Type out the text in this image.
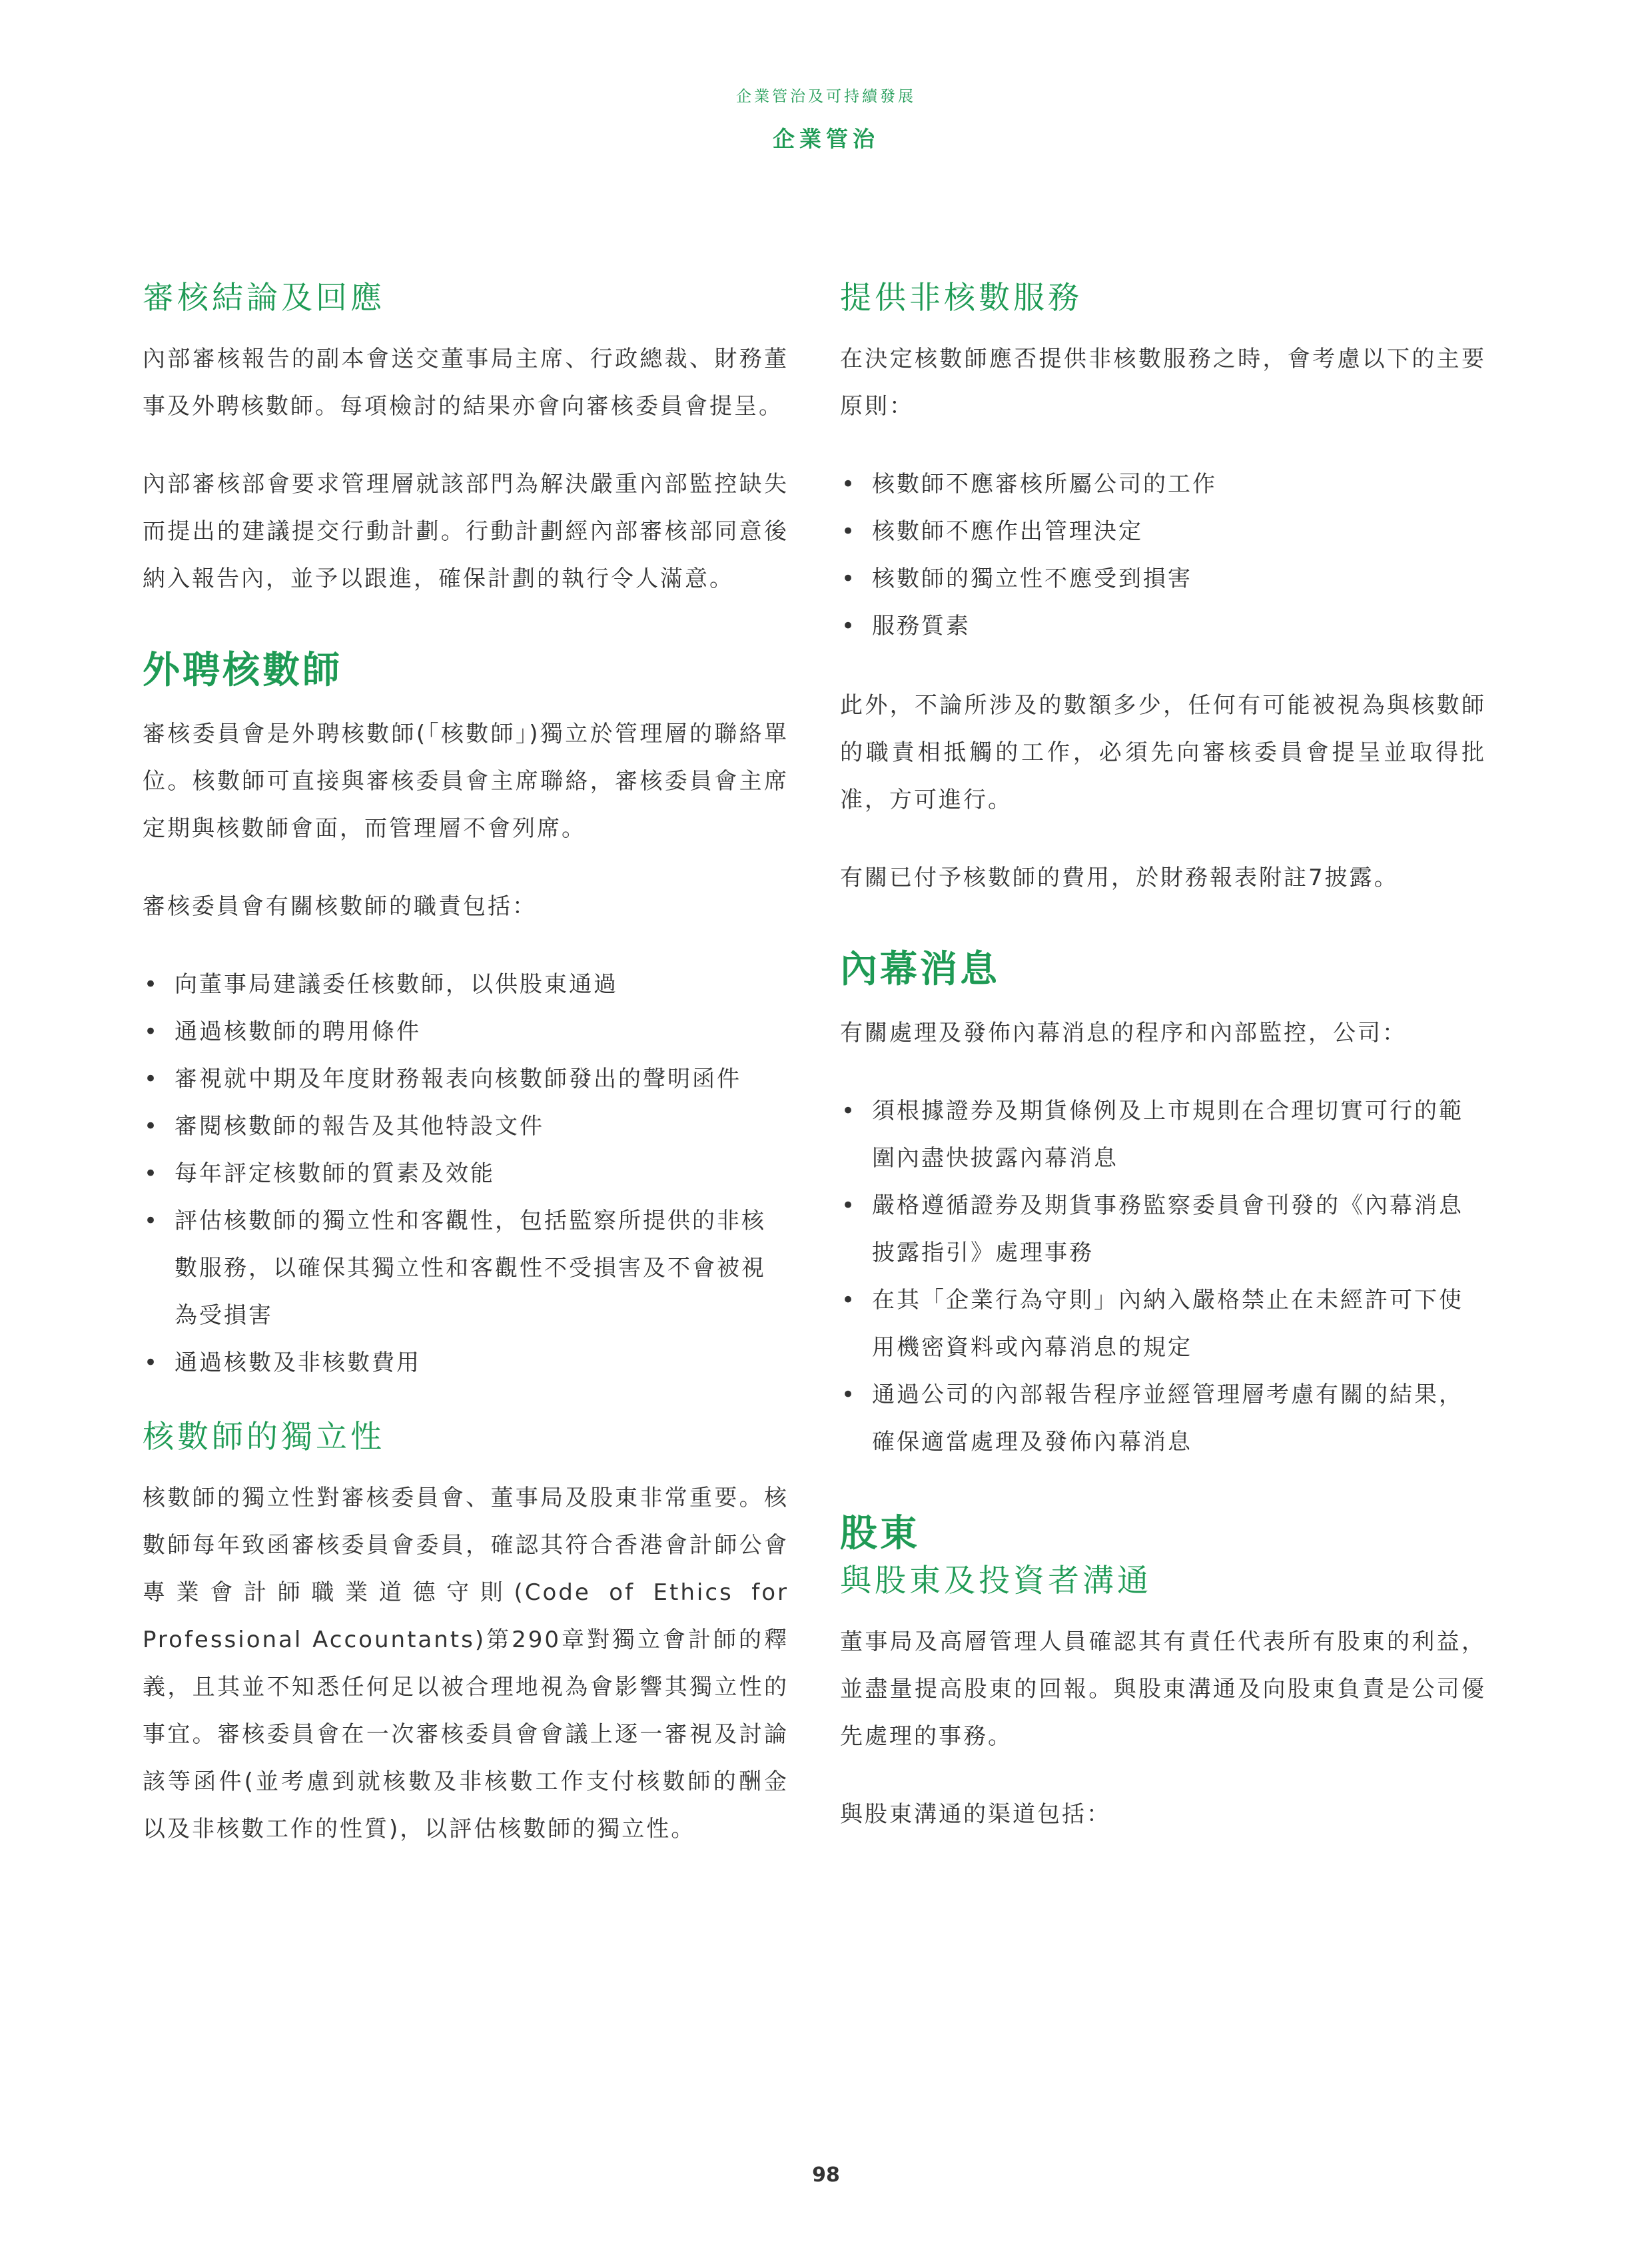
企業管治及可持續發展
企業管治
審核結論及回應

內部審核報告的副本會送交董事局主席、行政總裁、財務董事及外聘核數師。每項檢討的結果亦會向審核委員會提呈。

內部審核部會要求管理層就該部門為解決嚴重內部監控缺失而提出的建議提交行動計劃。行動計劃經內部審核部同意後納入報告內，並予以跟進，確保計劃的執行令人滿意。

外聘核數師

審核委員會是外聘核數師(「核數師」)獨立於管理層的聯絡單位。核數師可直接與審核委員會主席聯絡，審核委員會主席定期與核數師會面，而管理層不會列席。

審核委員會有關核數師的職責包括：

• 向董事局建議委任核數師，以供股東通過
• 通過核數師的聘用條件
• 審視就中期及年度財務報表向核數師發出的聲明函件
• 審閱核數師的報告及其他特設文件
• 每年評定核數師的質素及效能
• 評估核數師的獨立性和客觀性，包括監察所提供的非核數服務，以確保其獨立性和客觀性不受損害及不會被視為受損害
• 通過核數及非核數費用
核數師的獨立性

核數師的獨立性對審核委員會、董事局及股東非常重要。核數師每年致函審核委員會委員，確認其符合香港會計師公會專業會計師職業道德守則(Code of Ethics for Professional Accountants)第290章對獨立會計師的釋義，且其並不知悉任何足以被合理地視為會影響其獨立性的事宜。審核委員會在一次審核委員會會議上逐一審視及討論該等函件(並考慮到就核數及非核數工作支付核數師的酬金以及非核數工作的性質)，以評估核數師的獨立性。

提供非核數服務

在決定核數師應否提供非核數服務之時，會考慮以下的主要原則：

• 核數師不應審核所屬公司的工作
• 核數師不應作出管理決定
• 核數師的獨立性不應受到損害
• 服務質素

此外，不論所涉及的數額多少，任何有可能被視為與核數師的職責相抵觸的工作，必須先向審核委員會提呈並取得批准，方可進行。

有關已付予核數師的費用，於財務報表附註7披露。

內幕消息

有關處理及發佈內幕消息的程序和內部監控，公司：

• 須根據證券及期貨條例及上市規則在合理切實可行的範圍內盡快披露內幕消息
• 嚴格遵循證券及期貨事務監察委員會刊發的《內幕消息披露指引》處理事務
• 在其「企業行為守則」內納入嚴格禁止在未經許可下使用機密資料或內幕消息的規定
• 通過公司的內部報告程序並經管理層考慮有關的結果，確保適當處理及發佈內幕消息
股東
與股東及投資者溝通

董事局及高層管理人員確認其有責任代表所有股東的利益，並盡量提高股東的回報。與股東溝通及向股東負責是公司優先處理的事務。

與股東溝通的渠道包括：

98
